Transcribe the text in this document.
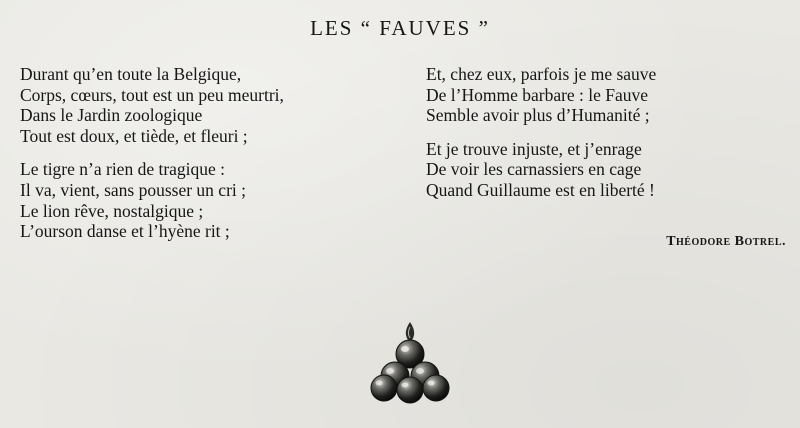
LES “ FAUVES ”
Durant qu’en toute la Belgique,
Corps, cœurs, tout est un peu meurtri,
Dans le Jardin zoologique
Tout est doux, et tiède, et fleuri ;
Le tigre n’a rien de tragique :
Il va, vient, sans pousser un cri ;
Le lion rêve, nostalgique ;
L’ourson danse et l’hyène rit ;
Et, chez eux, parfois je me sauve
De l’Homme barbare : le Fauve
Semble avoir plus d’Humanité ;
Et je trouve injuste, et j’enrage
De voir les carnassiers en cage
Quand Guillaume est en liberté !
Théodore Botrel.
